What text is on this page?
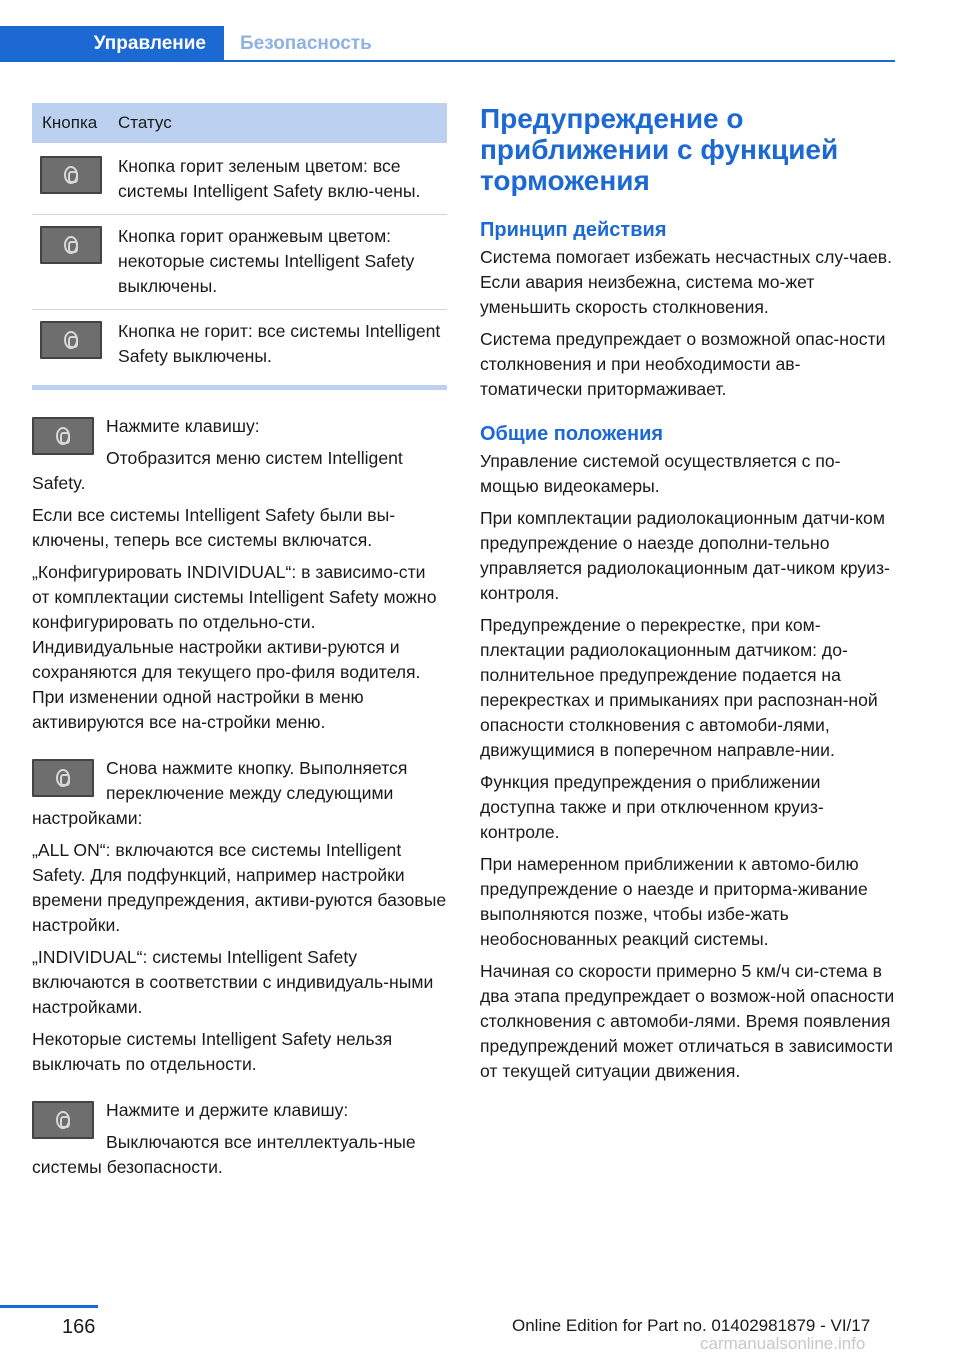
Управление	Безопасность
Кнопка	Статус
Кнопка горит зеленым цветом: все системы Intelligent Safety вклю-чены.
Кнопка горит оранжевым цветом: некоторые системы Intelligent Safety выключены.
Кнопка не горит: все системы Intelligent Safety выключены.

Нажмите клавишу:

Отобразится меню систем Intelligent Safety.

Если все системы Intelligent Safety были вы-ключены, теперь все системы включатся.

„Конфигурировать INDIVIDUAL“: в зависимо-сти от комплектации системы Intelligent Safety можно конфигурировать по отдельно-сти. Индивидуальные настройки активи-руются и сохраняются для текущего про-филя водителя. При изменении одной настройки в меню активируются все на-стройки меню.

Снова нажмите кнопку. Выполняется переключение между следующими настройками:

„ALL ON“: включаются все системы Intelligent Safety. Для подфункций, например настройки времени предупреждения, активи-руются базовые настройки.

„INDIVIDUAL“: системы Intelligent Safety включаются в соответствии с индивидуаль-ными настройками.

Некоторые системы Intelligent Safety нельзя выключать по отдельности.

Нажмите и держите клавишу:

Выключаются все интеллектуаль-ные системы безопасности.

Предупреждение о приближении с функцией торможения
Принцип действия

Система помогает избежать несчастных слу-чаев. Если авария неизбежна, система мо-жет уменьшить скорость столкновения.

Система предупреждает о возможной опас-ности столкновения и при необходимости ав-томатически притормаживает.

Общие положения

Управление системой осуществляется с по-мощью видеокамеры.

При комплектации радиолокационным датчи-ком предупреждение о наезде дополни-тельно управляется радиолокационным дат-чиком круиз-контроля.

Предупреждение о перекрестке, при ком-плектации радиолокационным датчиком: до-полнительное предупреждение подается на перекрестках и примыканиях при распознан-ной опасности столкновения с автомоби-лями, движущимися в поперечном направле-нии.

Функция предупреждения о приближении доступна также и при отключенном круиз-контроле.

При намеренном приближении к автомо-билю предупреждение о наезде и приторма-живание выполняются позже, чтобы избе-жать необоснованных реакций системы.

Начиная со скорости примерно 5 км/ч си-стема в два этапа предупреждает о возмож-ной опасности столкновения с автомоби-лями. Время появления предупреждений может отличаться в зависимости от текущей ситуации движения.

166	Online Edition for Part no. 01402981879 - VI/17
carmanualsonline.info
